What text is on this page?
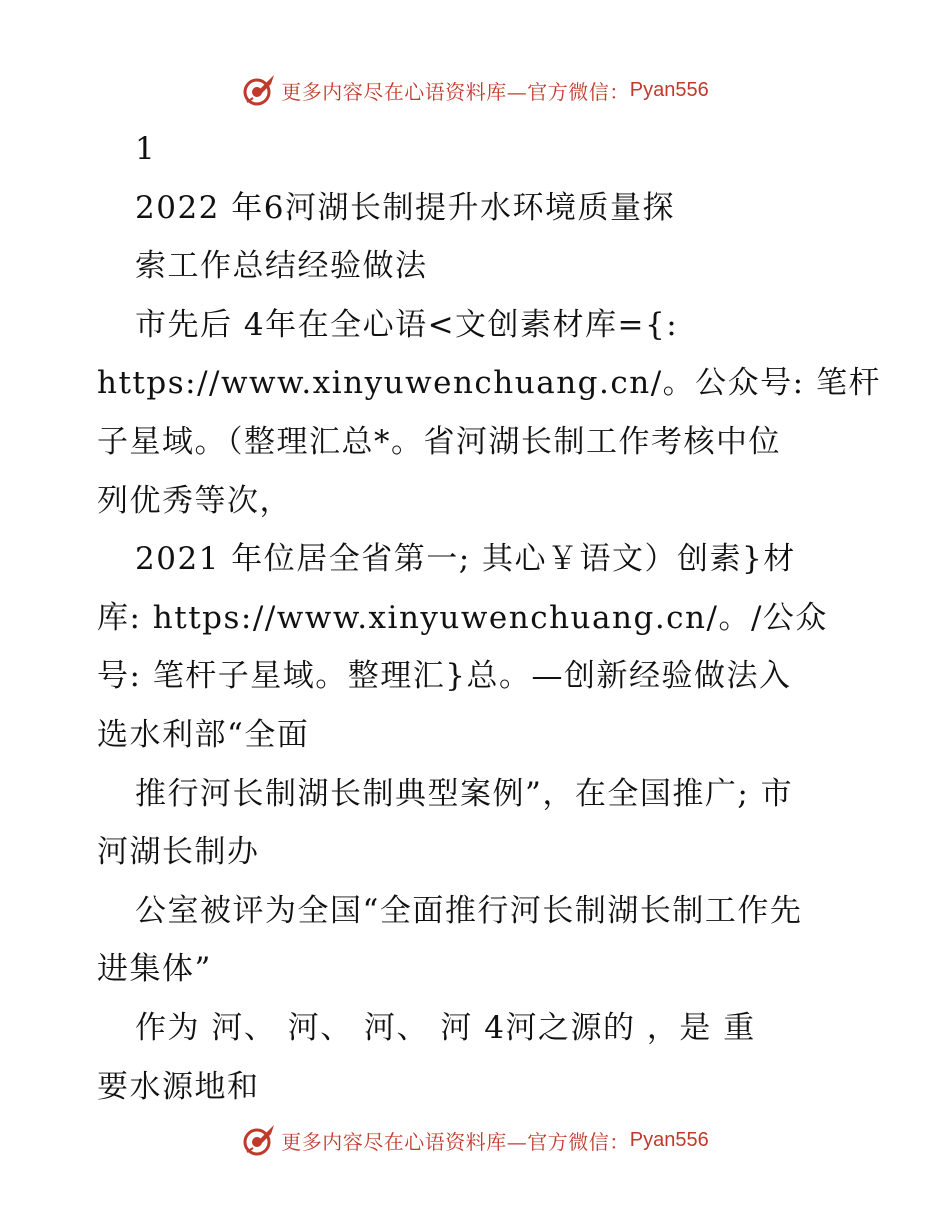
更多内容尽在心语资料库—官方微信： Pyan556

1

2022 年6河湖长制提升水环境质量探

索工作总结经验做法

市先后 4年在全心语<文创素材库={:

https://www.xinyuwenchuang.cn/。公众号: 笔杆

子星域。（整理汇总*。省河湖长制工作考核中位

列优秀等次，

2021 年位居全省第一; 其心￥语文）创素}材

库: https://www.xinyuwenchuang.cn/。/公众

号: 笔杆子星域。整理汇}总。—创新经验做法入

选水利部“全面

推行河长制湖长制典型案例”，在全国推广; 市

河湖长制办

公室被评为全国“全面推行河长制湖长制工作先

进集体”

作为 河、 河、 河、 河 4河之源的 ，是 重

要水源地和

更多内容尽在心语资料库—官方微信： Pyan556
